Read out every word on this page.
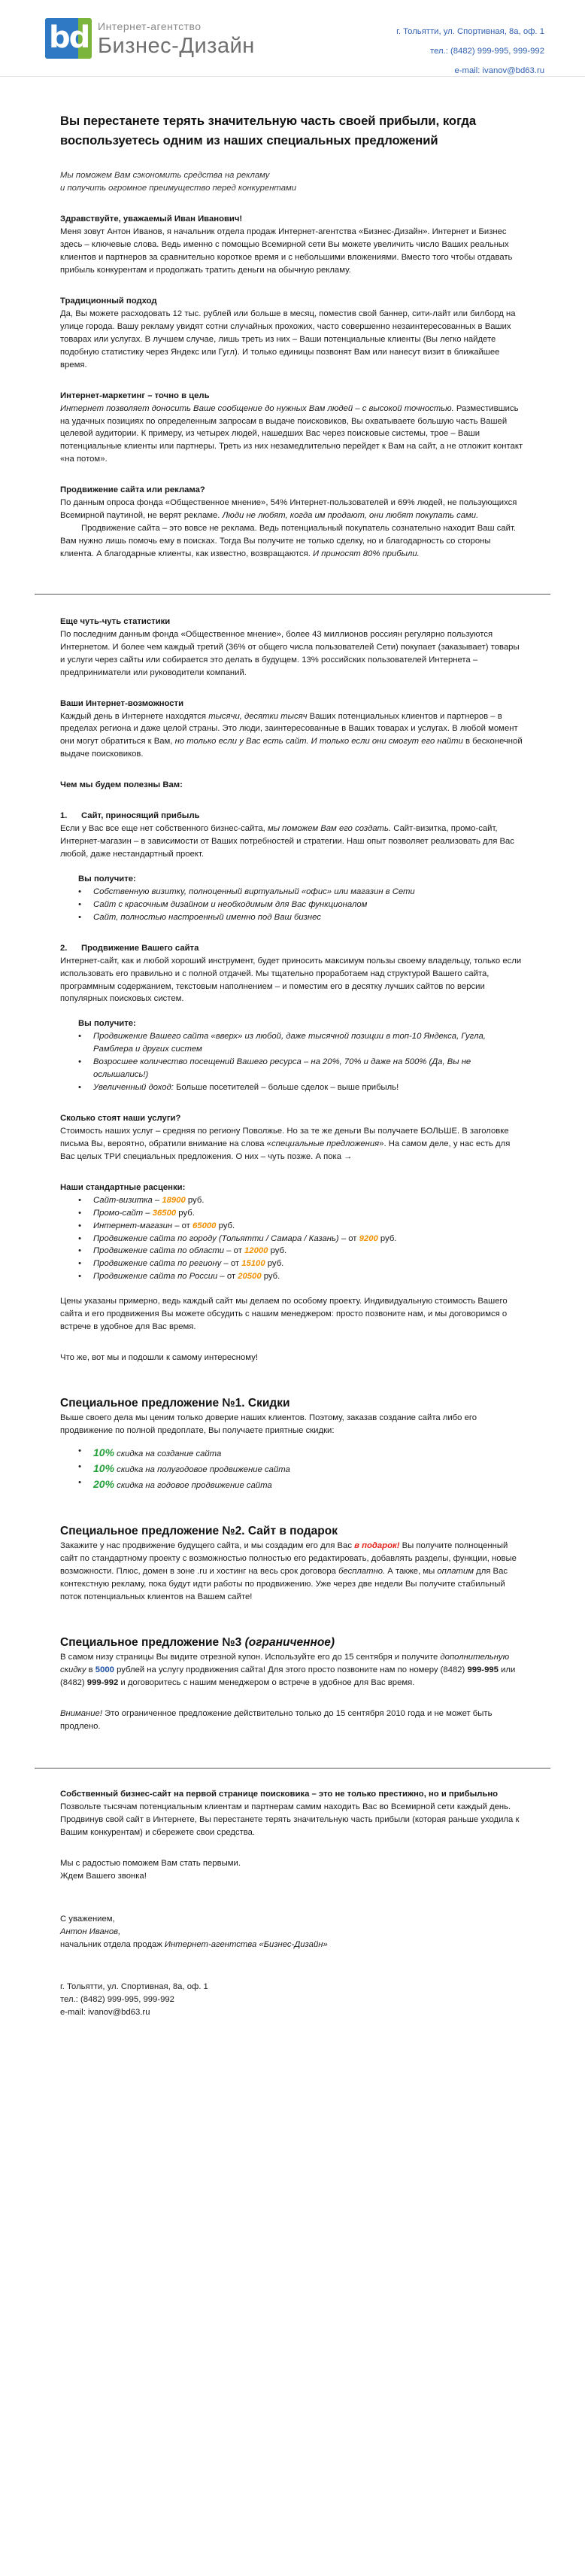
bd Интернет-агентство
Бизнес-Дизайн
г. Тольятти, ул. Спортивная, 8а, оф. 1
тел.: (8482) 999-995, 999-992
e-mail: ivanov@bd63.ru
Вы перестанете терять значительную часть своей прибыли, когда воспользуетесь одним из наших специальных предложений

Мы поможем Вам сэкономить средства на рекламу

и получить огромное преимущество перед конкурентами

Здравствуйте, уважаемый Иван Иванович!

Меня зовут Антон Иванов, я начальник отдела продаж Интернет-агентства «Бизнес-Дизайн». Интернет и Бизнес здесь – ключевые слова. Ведь именно с помощью Всемирной сети Вы можете увеличить число Ваших реальных клиентов и партнеров за сравнительно короткое время и с небольшими вложениями. Вместо того чтобы отдавать прибыль конкурентам и продолжать тратить деньги на обычную рекламу.

Традиционный подход

Да, Вы можете расходовать 12 тыс. рублей или больше в месяц, поместив свой баннер, сити-лайт или билборд на улице города. Вашу рекламу увидят сотни случайных прохожих, часто совершенно незаинтересованных в Ваших товарах или услугах. В лучшем случае, лишь треть из них – Ваши потенциальные клиенты (Вы легко найдете подобную статистику через Яндекс или Гугл). И только единицы позвонят Вам или нанесут визит в ближайшее время.

Интернет-маркетинг – точно в цель

Интернет позволяет доносить Ваше сообщение до нужных Вам людей – с высокой точностью. Разместившись на удачных позициях по определенным запросам в выдаче поисковиков, Вы охватываете большую часть Вашей целевой аудитории. К примеру, из четырех людей, нашедших Вас через поисковые системы, трое – Ваши потенциальные клиенты или партнеры. Треть из них незамедлительно перейдет к Вам на сайт, а не отложит контакт «на потом».

Продвижение сайта или реклама?

По данным опроса фонда «Общественное мнение», 54% Интернет-пользователей и 69% людей, не пользующихся Всемирной паутиной, не верят рекламе. Люди не любят, когда им продают, они любят покупать сами.

Продвижение сайта – это вовсе не реклама. Ведь потенциальный покупатель сознательно находит Ваш сайт. Вам нужно лишь помочь ему в поисках. Тогда Вы получите не только сделку, но и благодарность со стороны клиента. А благодарные клиенты, как известно, возвращаются. И приносят 80% прибыли.

Еще чуть-чуть статистики

По последним данным фонда «Общественное мнение», более 43 миллионов россиян регулярно пользуются Интернетом. И более чем каждый третий (36% от общего числа пользователей Сети) покупает (заказывает) товары и услуги через сайты или собирается это делать в будущем. 13% российских пользователей Интернета – предприниматели или руководители компаний.

Ваши Интернет-возможности

Каждый день в Интернете находятся тысячи, десятки тысяч Ваших потенциальных клиентов и партнеров – в пределах региона и даже целой страны. Это люди, заинтересованные в Ваших товарах и услугах. В любой момент они могут обратиться к Вам, но только если у Вас есть сайт. И только если они смогут его найти в бесконечной выдаче поисковиков.

Чем мы будем полезны Вам:

1. Сайт, приносящий прибыль

Если у Вас все еще нет собственного бизнес-сайта, мы поможем Вам его создать. Сайт-визитка, промо-сайт, Интернет-магазин – в зависимости от Ваших потребностей и стратегии. Наш опыт позволяет реализовать для Вас любой, даже нестандартный проект.

Вы получите:

• Собственную визитку, полноценный виртуальный «офис» или магазин в Сети
• Сайт с красочным дизайном и необходимым для Вас функционалом
• Сайт, полностью настроенный именно под Ваш бизнес

2. Продвижение Вашего сайта

Интернет-сайт, как и любой хороший инструмент, будет приносить максимум пользы своему владельцу, только если использовать его правильно и с полной отдачей. Мы тщательно проработаем над структурой Вашего сайта, программным содержанием, текстовым наполнением – и поместим его в десятку лучших сайтов по версии популярных поисковых систем.

Вы получите:

• Продвижение Вашего сайта «вверх» из любой, даже тысячной позиции в топ-10 Яндекса, Гугла, Рамблера и других систем
• Возросшее количество посещений Вашего ресурса – на 20%, 70% и даже на 500% (Да, Вы не ослышались!)
• Увеличенный доход: Больше посетителей – больше сделок – выше прибыль!

Сколько стоят наши услуги?

Стоимость наших услуг – средняя по региону Поволжье. Но за те же деньги Вы получаете БОЛЬШЕ. В заголовке письма Вы, вероятно, обратили внимание на слова «специальные предложения». На самом деле, у нас есть для Вас целых ТРИ специальных предложения. О них – чуть позже. А пока →

Наши стандартные расценки:

• Сайт-визитка – 18900 руб.
• Промо-сайт – 36500 руб.
• Интернет-магазин – от 65000 руб.
• Продвижение сайта по городу (Тольятти / Самара / Казань) – от 9200 руб.
• Продвижение сайта по области – от 12000 руб.
• Продвижение сайта по региону – от 15100 руб.
• Продвижение сайта по России – от 20500 руб.

Цены указаны примерно, ведь каждый сайт мы делаем по особому проекту. Индивидуальную стоимость Вашего сайта и его продвижения Вы можете обсудить с нашим менеджером: просто позвоните нам, и мы договоримся о встрече в удобное для Вас время.

Что же, вот мы и подошли к самому интересному!

Специальное предложение №1. Скидки

Выше своего дела мы ценим только доверие наших клиентов. Поэтому, заказав создание сайта либо его продвижение по полной предоплате, Вы получаете приятные скидки:

• 10% скидка на создание сайта
• 10% скидка на полугодовое продвижение сайта
• 20% скидка на годовое продвижение сайта

Специальное предложение №2. Сайт в подарок

Закажите у нас продвижение будущего сайта, и мы создадим его для Вас в подарок! Вы получите полноценный сайт по стандартному проекту с возможностью полностью его редактировать, добавлять разделы, функции, новые возможности. Плюс, домен в зоне .ru и хостинг на весь срок договора бесплатно. А также, мы оплатим для Вас контекстную рекламу, пока будут идти работы по продвижению. Уже через две недели Вы получите стабильный поток потенциальных клиентов на Вашем сайте!

Специальное предложение №3 (ограниченное)

В самом низу страницы Вы видите отрезной купон. Используйте его до 15 сентября и получите дополнительную скидку в 5000 рублей на услугу продвижения сайта! Для этого просто позвоните нам по номеру (8482) 999-995 или (8482) 999-992 и договоритесь с нашим менеджером о встрече в удобное для Вас время.

Внимание! Это ограниченное предложение действительно только до 15 сентября 2010 года и не может быть продлено.

Собственный бизнес-сайт на первой странице поисковика – это не только престижно, но и прибыльно

Позвольте тысячам потенциальным клиентам и партнерам самим находить Вас во Всемирной сети каждый день. Продвинув свой сайт в Интернете, Вы перестанете терять значительную часть прибыли (которая раньше уходила к Вашим конкурентам) и сбережете свои средства.

Мы с радостью поможем Вам стать первыми.

Ждем Вашего звонка!

С уважением,

Антон Иванов,

начальник отдела продаж Интернет-агентства «Бизнес-Дизайн»

г. Тольятти, ул. Спортивная, 8а, оф. 1

тел.: (8482) 999-995, 999-992

e-mail: ivanov@bd63.ru
